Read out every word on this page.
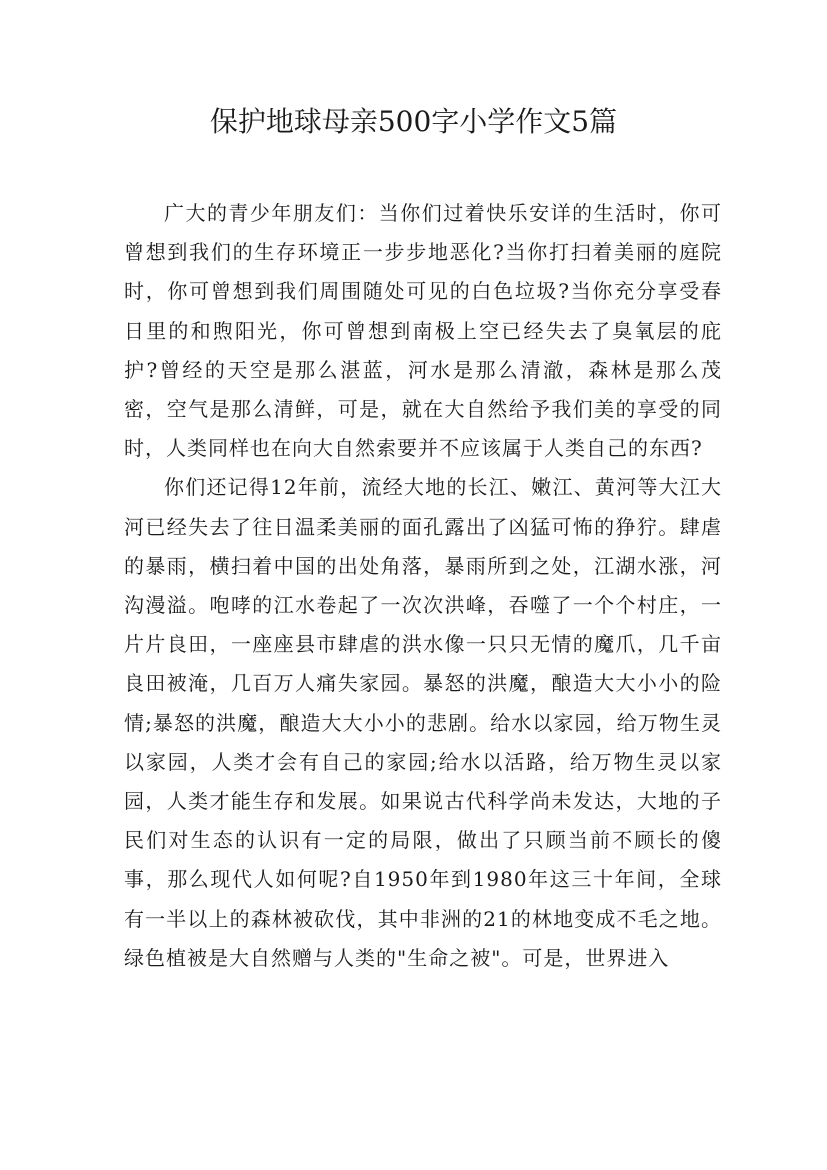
保护地球母亲500字小学作文5篇

广大的青少年朋友们：当你们过着快乐安详的生活时，你可曾想到我们的生存环境正一步步地恶化?当你打扫着美丽的庭院时，你可曾想到我们周围随处可见的白色垃圾?当你充分享受春日里的和煦阳光，你可曾想到南极上空已经失去了臭氧层的庇护?曾经的天空是那么湛蓝，河水是那么清澈，森林是那么茂密，空气是那么清鲜，可是，就在大自然给予我们美的享受的同时，人类同样也在向大自然索要并不应该属于人类自己的东西?

你们还记得12年前，流经大地的长江、嫩江、黄河等大江大河已经失去了往日温柔美丽的面孔露出了凶猛可怖的狰狞。肆虐的暴雨，横扫着中国的出处角落，暴雨所到之处，江湖水涨，河沟漫溢。咆哮的江水卷起了一次次洪峰，吞噬了一个个村庄，一片片良田，一座座县市肆虐的洪水像一只只无情的魔爪，几千亩良田被淹，几百万人痛失家园。暴怒的洪魔，酿造大大小小的险情;暴怒的洪魔，酿造大大小小的悲剧。给水以家园，给万物生灵以家园，人类才会有自己的家园;给水以活路，给万物生灵以家园，人类才能生存和发展。如果说古代科学尚未发达，大地的子民们对生态的认识有一定的局限，做出了只顾当前不顾长的傻事，那么现代人如何呢?自1950年到1980年这三十年间，全球有一半以上的森林被砍伐，其中非洲的21的林地变成不毛之地。绿色植被是大自然赠与人类的"生命之被"。可是，世界进入
